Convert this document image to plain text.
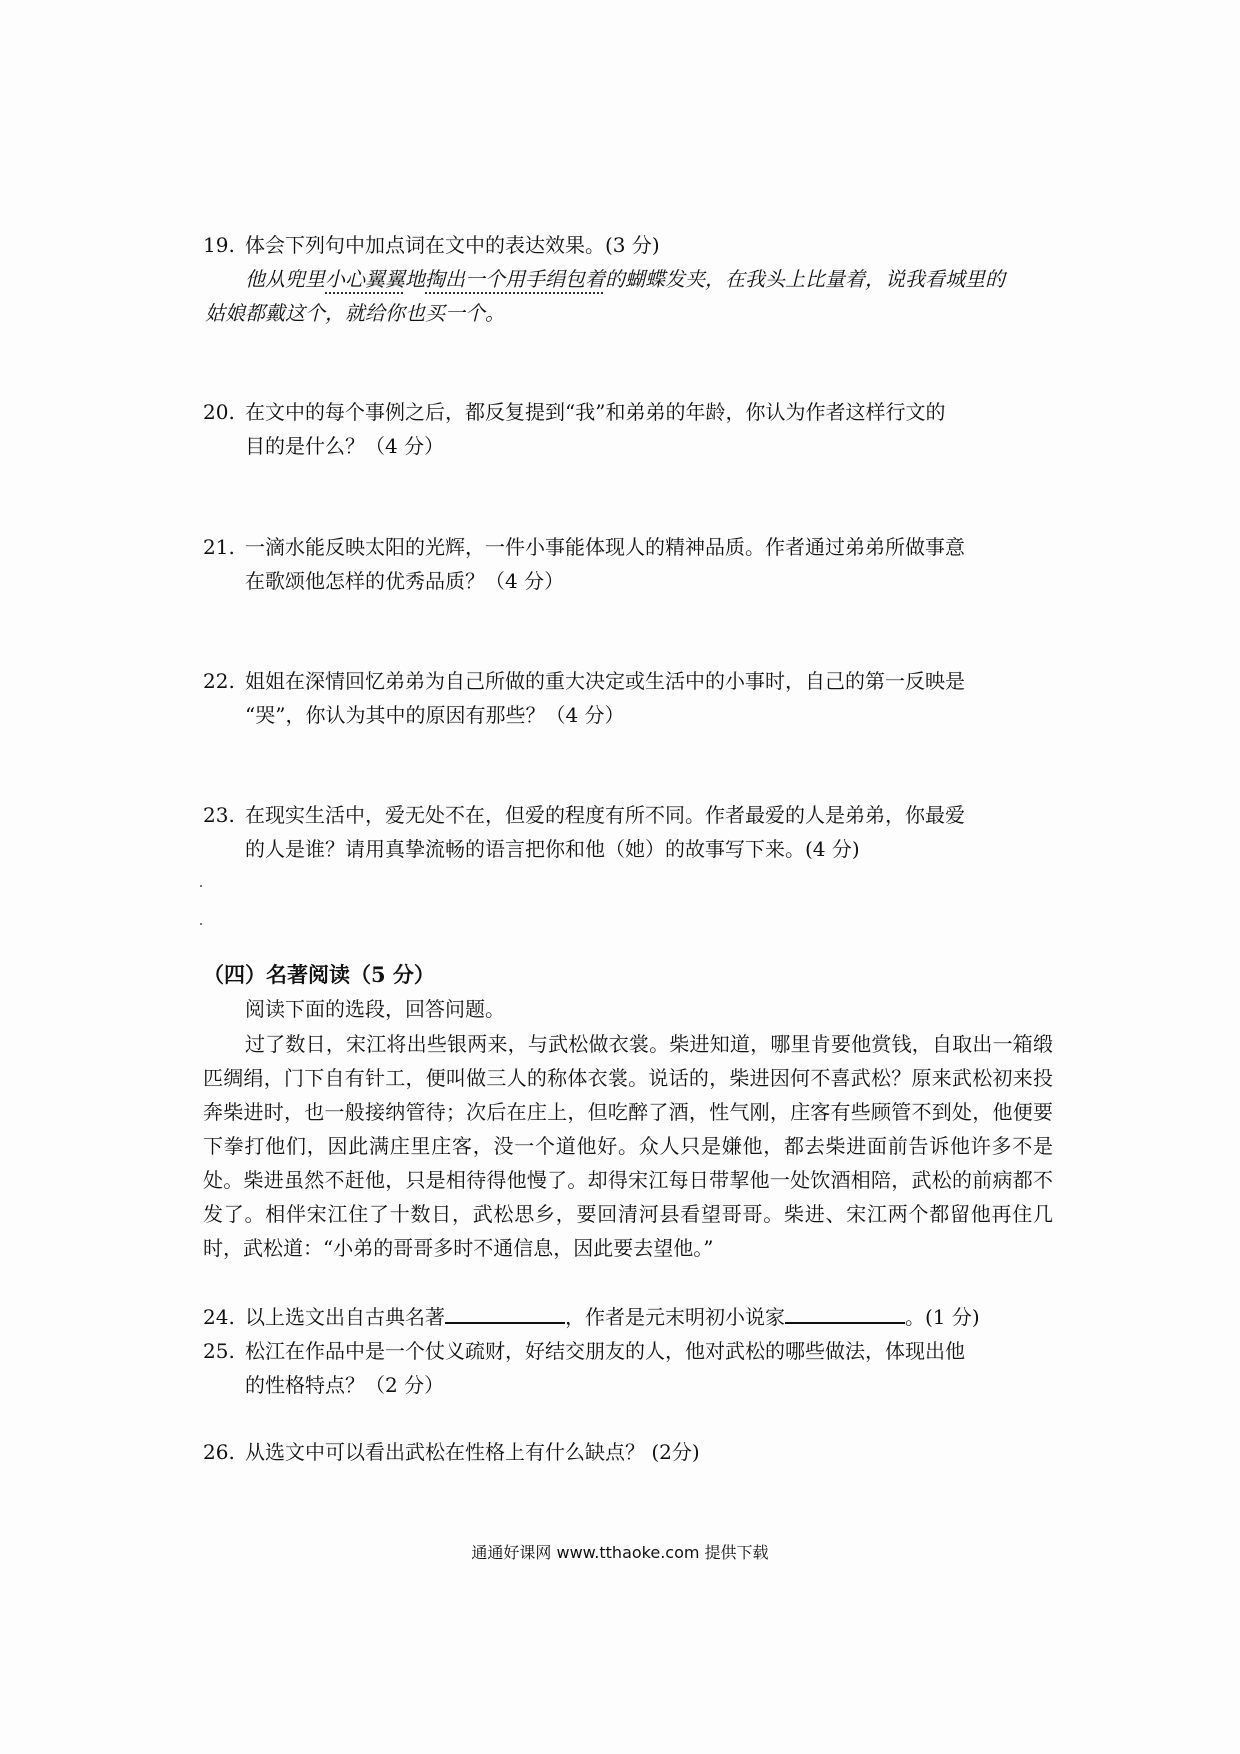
19. 体会下列句中加点词在文中的表达效果。(3 分)
他从兜里小心翼翼地掏出一个用手绢包着的蝴蝶发夹，在我头上比量着，说我看城里的
姑娘都戴这个，就给你也买一个。
20. 在文中的每个事例之后，都反复提到“我”和弟弟的年龄，你认为作者这样行文的
目的是什么？（4 分）
21. 一滴水能反映太阳的光辉，一件小事能体现人的精神品质。作者通过弟弟所做事意
在歌颂他怎样的优秀品质？（4 分）
22. 姐姐在深情回忆弟弟为自己所做的重大决定或生活中的小事时，自己的第一反映是
“哭”，你认为其中的原因有那些？（4 分）
23. 在现实生活中，爱无处不在，但爱的程度有所不同。作者最爱的人是弟弟，你最爱
的人是谁？请用真挚流畅的语言把你和他（她）的故事写下来。(4 分)
（四）名著阅读（5 分）
阅读下面的选段，回答问题。

过了数日，宋江将出些银两来，与武松做衣裳。柴进知道，哪里肯要他赏钱，自取出一箱缎匹绸绢，门下自有针工，便叫做三人的称体衣裳。说话的，柴进因何不喜武松？原来武松初来投奔柴进时，也一般接纳管待；次后在庄上，但吃醉了酒，性气刚，庄客有些顾管不到处，他便要下拳打他们，因此满庄里庄客，没一个道他好。众人只是嫌他，都去柴进面前告诉他许多不是处。柴进虽然不赶他，只是相待得他慢了。却得宋江每日带挈他一处饮酒相陪，武松的前病都不发了。相伴宋江住了十数日，武松思乡，要回清河县看望哥哥。柴进、宋江两个都留他再住几时，武松道：“小弟的哥哥多时不通信息，因此要去望他。”

24. 以上选文出自古典名著	，作者是元末明初小说家	。(1 分)
25. 松江在作品中是一个仗义疏财，好结交朋友的人，他对武松的哪些做法，体现出他
的性格特点？（2 分）
26. 从选文中可以看出武松在性格上有什么缺点？ (2分)
通通好课网 www.tthaoke.com 提供下载
